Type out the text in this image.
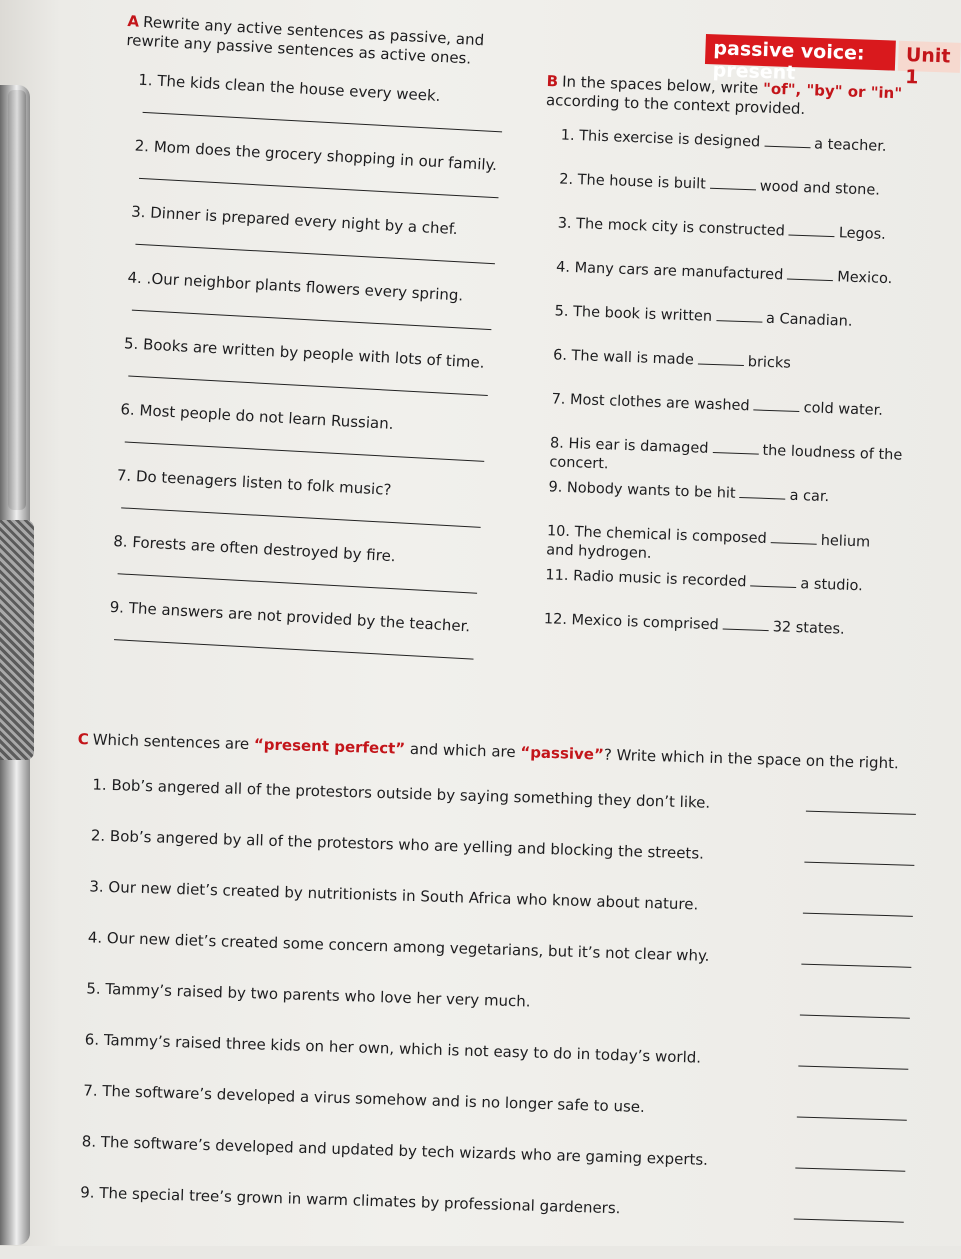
passive voice: present
Unit 1

A Rewrite any active sentences as passive, and rewrite any passive sentences as active ones.

1. The kids clean the house every week.
2. Mom does the grocery shopping in our family.
3. Dinner is prepared every night by a chef.
4. .Our neighbor plants flowers every spring.
5. Books are written by people with lots of time.
6. Most people do not learn Russian.
7. Do teenagers listen to folk music?
8. Forests are often destroyed by fire.
9. The answers are not provided by the teacher.

B In the spaces below, write "of", "by" or "in" according to the context provided.

1. This exercise is designed	a teacher.
2. The house is built	wood and stone.
3. The mock city is constructed	Legos.
4. Many cars are manufactured	Mexico.
5. The book is written	a Canadian.
6. The wall is made	bricks
7. Most clothes are washed	cold water.
8. His ear is damaged	the loudness of the concert.
9. Nobody wants to be hit	a car.
10. The chemical is composed	helium and hydrogen.
11. Radio music is recorded	a studio.
12. Mexico is comprised	32 states.

C Which sentences are “present perfect” and which are “passive”? Write which in the space on the right.

1. Bob’s angered all of the protestors outside by saying something they don’t like.
2. Bob’s angered by all of the protestors who are yelling and blocking the streets.
3. Our new diet’s created by nutritionists in South Africa who know about nature.
4. Our new diet’s created some concern among vegetarians, but it’s not clear why.
5. Tammy’s raised by two parents who love her very much.
6. Tammy’s raised three kids on her own, which is not easy to do in today’s world.
7. The software’s developed a virus somehow and is no longer safe to use.
8. The software’s developed and updated by tech wizards who are gaming experts.
9. The special tree’s grown in warm climates by professional gardeners.
